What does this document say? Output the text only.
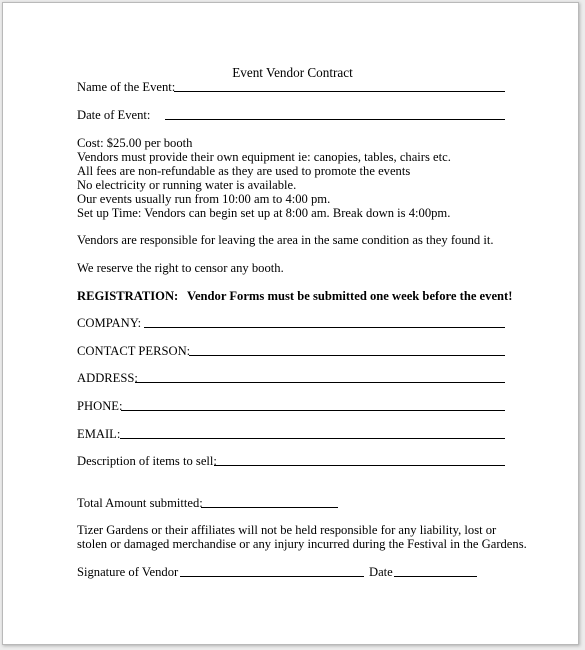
Event Vendor Contract
Name of the Event:
Date of Event:
Cost: $25.00 per booth
Vendors must provide their own equipment ie: canopies, tables, chairs etc.
All fees are non-refundable as they are used to promote the events
No electricity or running water is available.
Our events usually run from 10:00 am to 4:00 pm.
Set up Time: Vendors can begin set up at 8:00 am. Break down is 4:00pm.
Vendors are responsible for leaving the area in the same condition as they found it.
We reserve the right to censor any booth.
REGISTRATION: Vendor Forms must be submitted one week before the event!
COMPANY:
CONTACT PERSON:
ADDRESS:
PHONE:
EMAIL:
Description of items to sell:
Total Amount submitted:
Tizer Gardens or their affiliates will not be held responsible for any liability, lost or
stolen or damaged merchandise or any injury incurred during the Festival in the Gardens.
Signature of Vendor	Date
